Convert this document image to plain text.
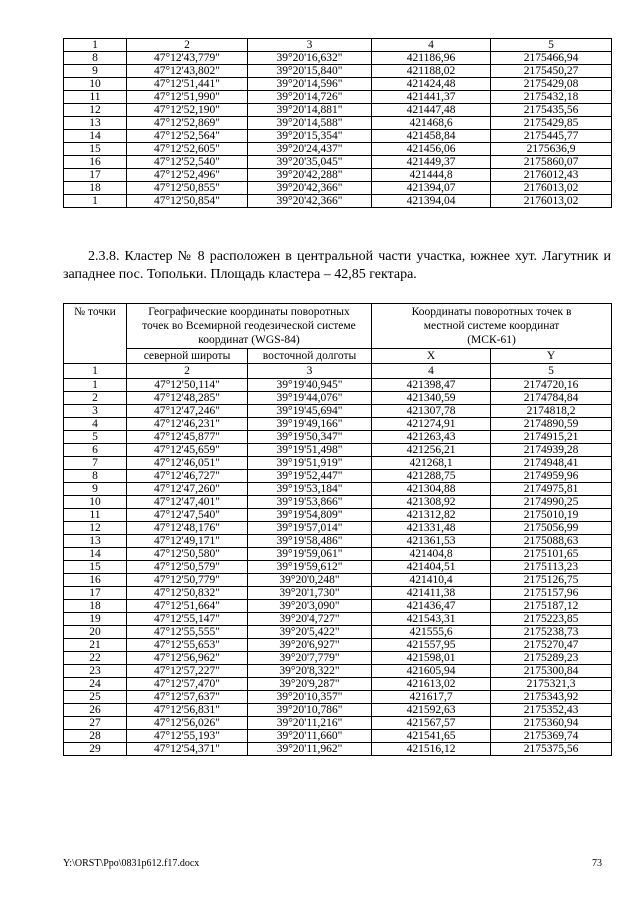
1	2	3	4	5
8	47°12'43,779"	39°20'16,632"	421186,96	2175466,94
9	47°12'43,802"	39°20'15,840"	421188,02	2175450,27
10	47°12'51,441"	39°20'14,596"	421424,48	2175429,08
11	47°12'51,990"	39°20'14,726"	421441,37	2175432,18
12	47°12'52,190"	39°20'14,881"	421447,48	2175435,56
13	47°12'52,869"	39°20'14,588"	421468,6	2175429,85
14	47°12'52,564"	39°20'15,354"	421458,84	2175445,77
15	47°12'52,605"	39°20'24,437"	421456,06	2175636,9
16	47°12'52,540"	39°20'35,045"	421449,37	2175860,07
17	47°12'52,496"	39°20'42,288"	421444,8	2176012,43
18	47°12'50,855"	39°20'42,366"	421394,07	2176013,02
1	47°12'50,854"	39°20'42,366"	421394,04	2176013,02

2.3.8. Кластер № 8 расположен в центральной части участка, южнее хут. Лагутник и западнее пос. Топольки. Площадь кластера – 42,85 гектара.

№ точки	Географические координаты поворотных точек во Всемирной геодезической системе координат (WGS-84)		Координаты поворотных точек в местной системе координат (МСК-61)	
	северной широты	восточной долготы	X	Y
1	2	3	4	5
1	47°12'50,114"	39°19'40,945"	421398,47	2174720,16
2	47°12'48,285"	39°19'44,076"	421340,59	2174784,84
3	47°12'47,246"	39°19'45,694"	421307,78	2174818,2
4	47°12'46,231"	39°19'49,166"	421274,91	2174890,59
5	47°12'45,877"	39°19'50,347"	421263,43	2174915,21
6	47°12'45,659"	39°19'51,498"	421256,21	2174939,28
7	47°12'46,051"	39°19'51,919"	421268,1	2174948,41
8	47°12'46,727"	39°19'52,447"	421288,75	2174959,96
9	47°12'47,260"	39°19'53,184"	421304,88	2174975,81
10	47°12'47,401"	39°19'53,866"	421308,92	2174990,25
11	47°12'47,540"	39°19'54,809"	421312,82	2175010,19
12	47°12'48,176"	39°19'57,014"	421331,48	2175056,99
13	47°12'49,171"	39°19'58,486"	421361,53	2175088,63
14	47°12'50,580"	39°19'59,061"	421404,8	2175101,65
15	47°12'50,579"	39°19'59,612"	421404,51	2175113,23
16	47°12'50,779"	39°20'0,248"	421410,4	2175126,75
17	47°12'50,832"	39°20'1,730"	421411,38	2175157,96
18	47°12'51,664"	39°20'3,090"	421436,47	2175187,12
19	47°12'55,147"	39°20'4,727"	421543,31	2175223,85
20	47°12'55,555"	39°20'5,422"	421555,6	2175238,73
21	47°12'55,653"	39°20'6,927"	421557,95	2175270,47
22	47°12'56,962"	39°20'7,779"	421598,01	2175289,23
23	47°12'57,227"	39°20'8,322"	421605,94	2175300,84
24	47°12'57,470"	39°20'9,287"	421613,02	2175321,3
25	47°12'57,637"	39°20'10,357"	421617,7	2175343,92
26	47°12'56,831"	39°20'10,786"	421592,63	2175352,43
27	47°12'56,026"	39°20'11,216"	421567,57	2175360,94
28	47°12'55,193"	39°20'11,660"	421541,65	2175369,74
29	47°12'54,371"	39°20'11,962"	421516,12	2175375,56
Y:\ORST\Ppo\0831p612.f17.docx	73
